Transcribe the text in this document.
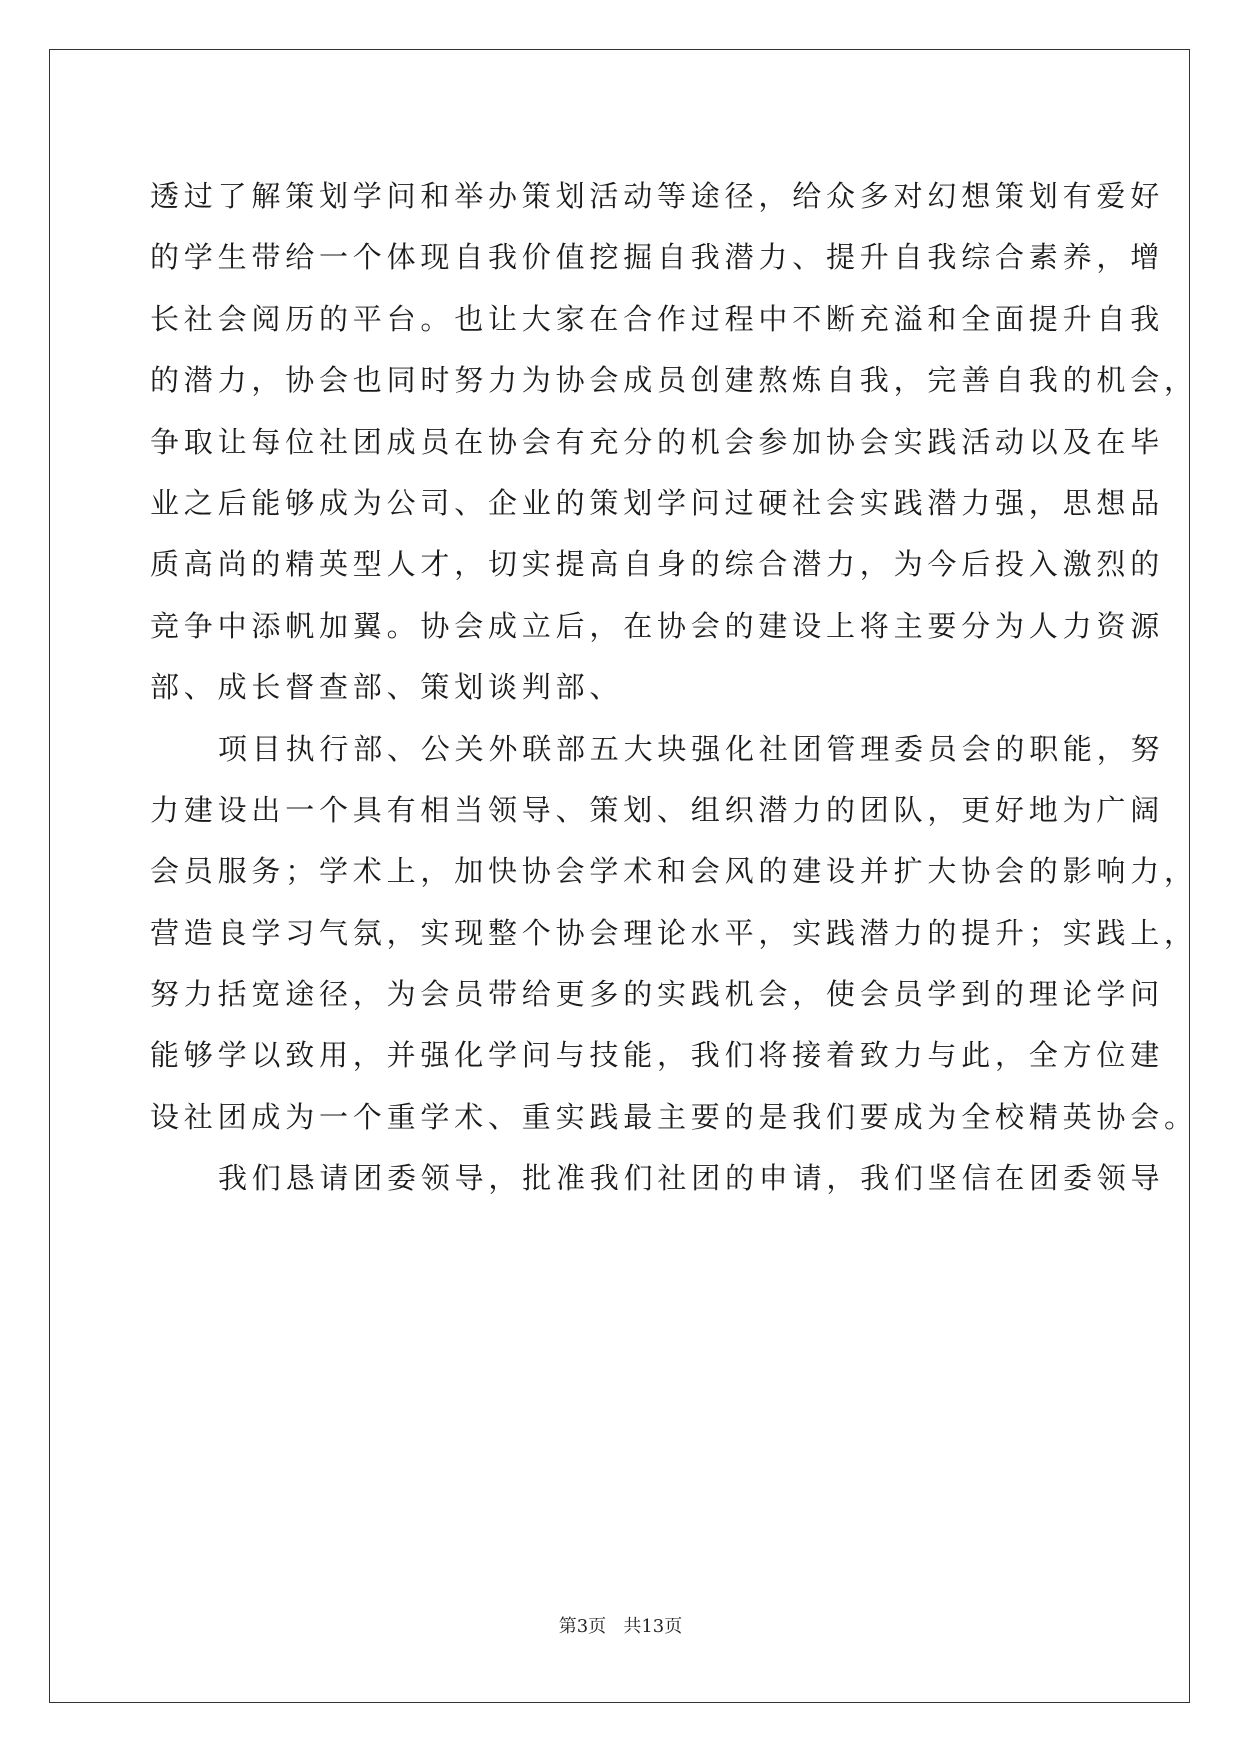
透过了解策划学问和举办策划活动等途径，给众多对幻想策划有爱好
的学生带给一个体现自我价值挖掘自我潜力、提升自我综合素养，增
长社会阅历的平台。也让大家在合作过程中不断充溢和全面提升自我
的潜力，协会也同时努力为协会成员创建熬炼自我，完善自我的机会，
争取让每位社团成员在协会有充分的机会参加协会实践活动以及在毕
业之后能够成为公司、企业的策划学问过硬社会实践潜力强，思想品
质高尚的精英型人才，切实提高自身的综合潜力，为今后投入激烈的
竞争中添帆加翼。协会成立后，在协会的建设上将主要分为人力资源
部、成长督查部、策划谈判部、
项目执行部、公关外联部五大块强化社团管理委员会的职能，努
力建设出一个具有相当领导、策划、组织潜力的团队，更好地为广阔
会员服务；学术上，加快协会学术和会风的建设并扩大协会的影响力，
营造良学习气氛，实现整个协会理论水平，实践潜力的提升；实践上，
努力括宽途径，为会员带给更多的实践机会，使会员学到的理论学问
能够学以致用，并强化学问与技能，我们将接着致力与此，全方位建
设社团成为一个重学术、重实践最主要的是我们要成为全校精英协会。
我们恳请团委领导，批准我们社团的申请，我们坚信在团委领导
第3页   共13页
